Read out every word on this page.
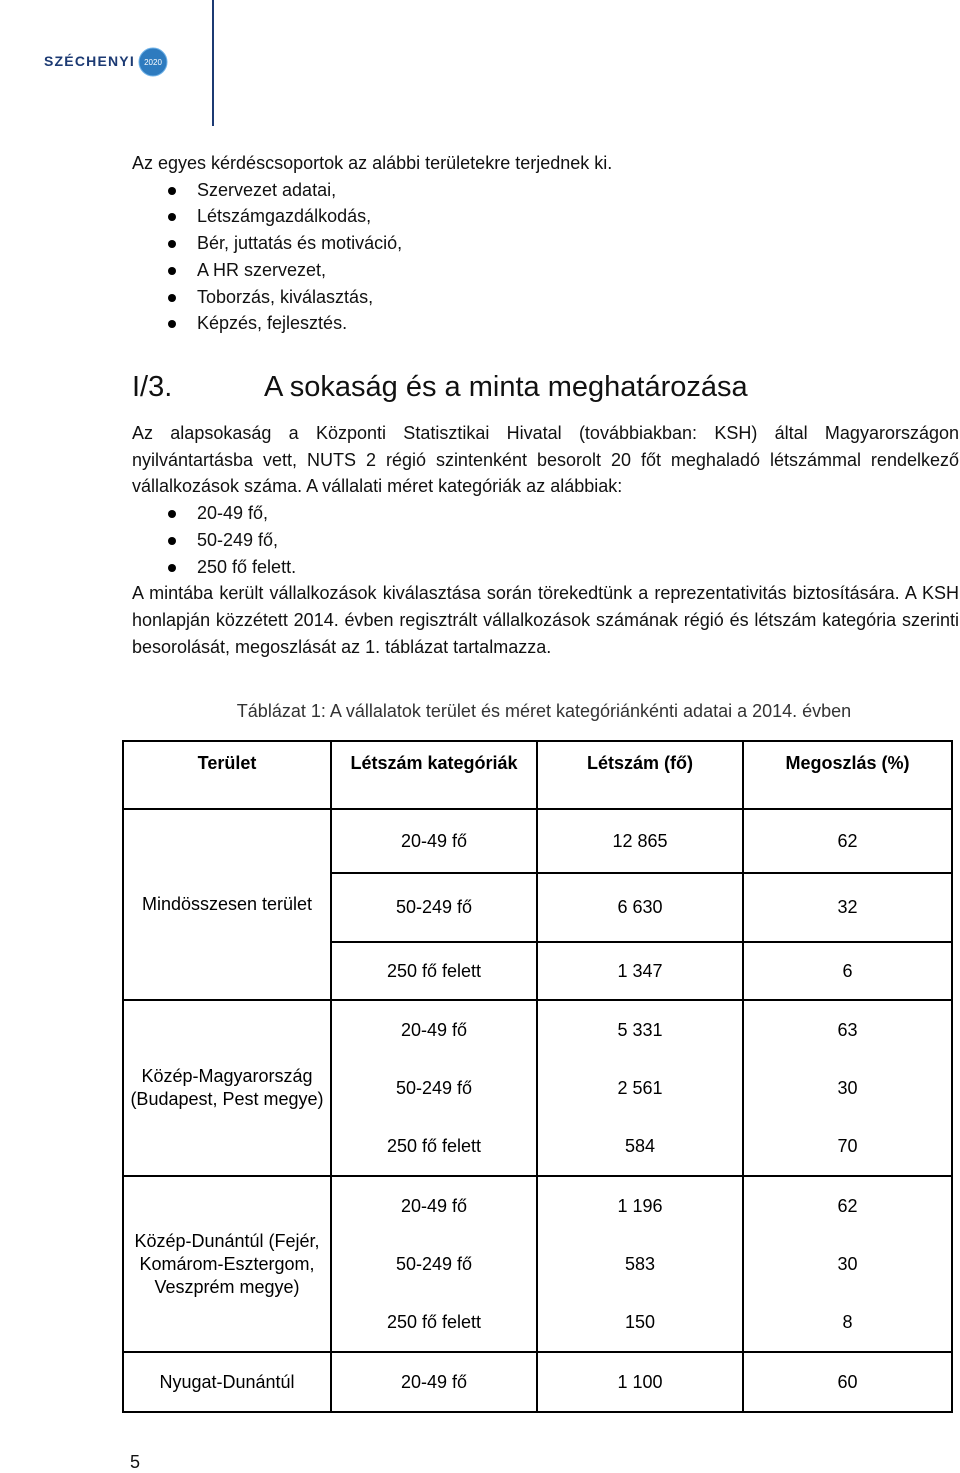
SZÉCHENYI 2020

Az egyes kérdéscsoportok az alábbi területekre terjednek ki.

Szervezet adatai,
Létszámgazdálkodás,
Bér, juttatás és motiváció,
A HR szervezet,
Toborzás, kiválasztás,
Képzés, fejlesztés.
I/3.	A sokaság és a minta meghatározása

Az alapsokaság a Központi Statisztikai Hivatal (továbbiakban: KSH) által Magyarországon nyilvántartásba vett, NUTS 2 régió szintenként besorolt 20 főt meghaladó létszámmal rendelkező vállalkozások száma. A vállalati méret kategóriák az alábbiak:

20-49 fő,
50-249 fő,
250 fő felett.

A mintába került vállalkozások kiválasztása során törekedtünk a reprezentativitás biztosítására. A KSH honlapján közzétett 2014. évben regisztrált vállalkozások számának régió és létszám kategória szerinti besorolását, megoszlását az 1. táblázat tartalmazza.

Táblázat 1: A vállalatok terület és méret kategóriánkénti adatai a 2014. évben
Terület	Létszám kategóriák	Létszám (fő)	Megoszlás (%)
Mindösszesen terület	20-49 fő	12 865	62
	50-249 fő	6 630	32
	250 fő felett	1 347	6
Közép-Magyarország (Budapest, Pest megye)	20-49 fő	5 331	63
	50-249 fő	2 561	30
	250 fő felett	584	70
Közép-Dunántúl (Fejér, Komárom-Esztergom, Veszprém megye)	20-49 fő	1 196	62
	50-249 fő	583	30
	250 fő felett	150	8
Nyugat-Dunántúl	20-49 fő	1 100	60
5
